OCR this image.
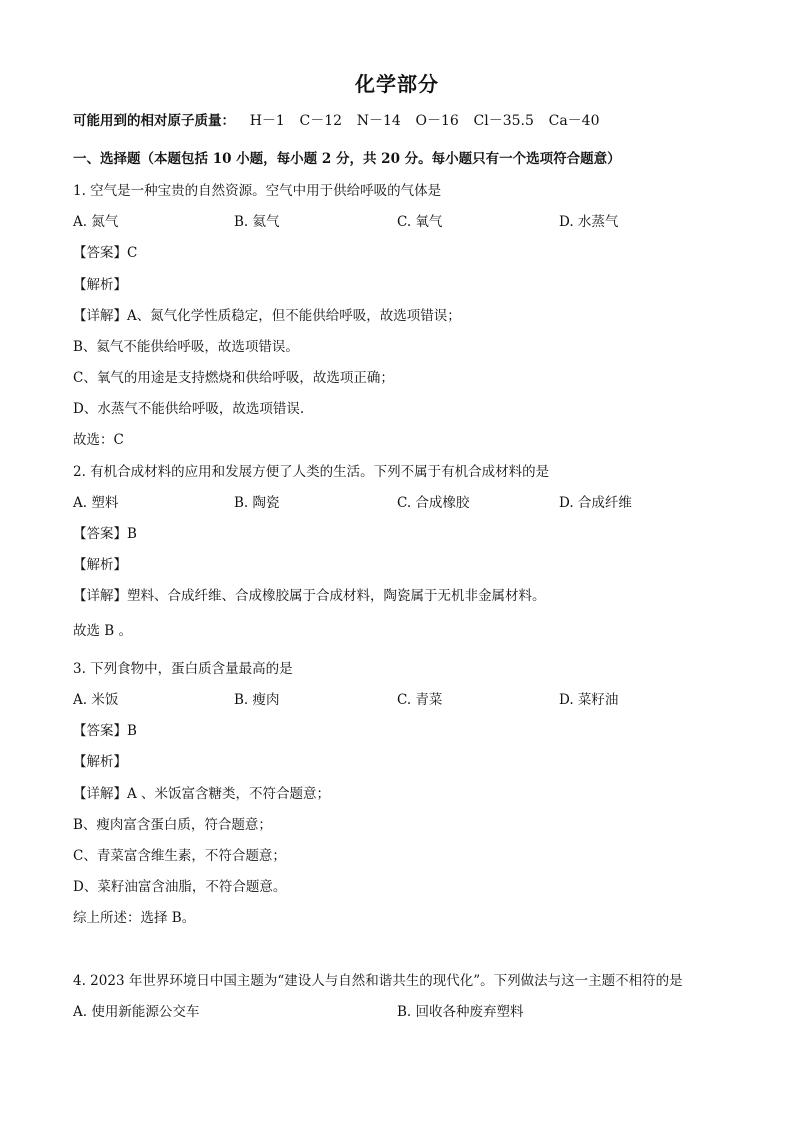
化学部分
可能用到的相对原子质量： H－1 C－12 N－14 O－16 Cl－35.5 Ca－40
一、选择题（本题包括 10 小题，每小题 2 分，共 20 分。每小题只有一个选项符合题意）
1. 空气是一种宝贵的自然资源。空气中用于供给呼吸的气体是
A. 氮气	B. 氦气	C. 氧气	D. 水蒸气
【答案】C
【解析】
【详解】A、氮气化学性质稳定，但不能供给呼吸，故选项错误；
B、氦气不能供给呼吸，故选项错误。
C、氧气的用途是支持燃烧和供给呼吸，故选项正确；
D、水蒸气不能供给呼吸，故选项错误.
故选：C
2. 有机合成材料的应用和发展方便了人类的生活。下列不属于有机合成材料的是
A. 塑料	B. 陶瓷	C. 合成橡胶	D. 合成纤维
【答案】B
【解析】
【详解】塑料、合成纤维、合成橡胶属于合成材料，陶瓷属于无机非金属材料。
故选 B 。
3. 下列食物中，蛋白质含量最高的是
A. 米饭	B. 瘦肉	C. 青菜	D. 菜籽油
【答案】B
【解析】
【详解】A 、米饭富含糖类，不符合题意；
B、瘦肉富含蛋白质，符合题意；
C、青菜富含维生素，不符合题意；
D、菜籽油富含油脂，不符合题意。
综上所述：选择 B。
4. 2023 年世界环境日中国主题为“建设人与自然和谐共生的现代化”。下列做法与这一主题不相符的是
A. 使用新能源公交车	B. 回收各种废弃塑料
